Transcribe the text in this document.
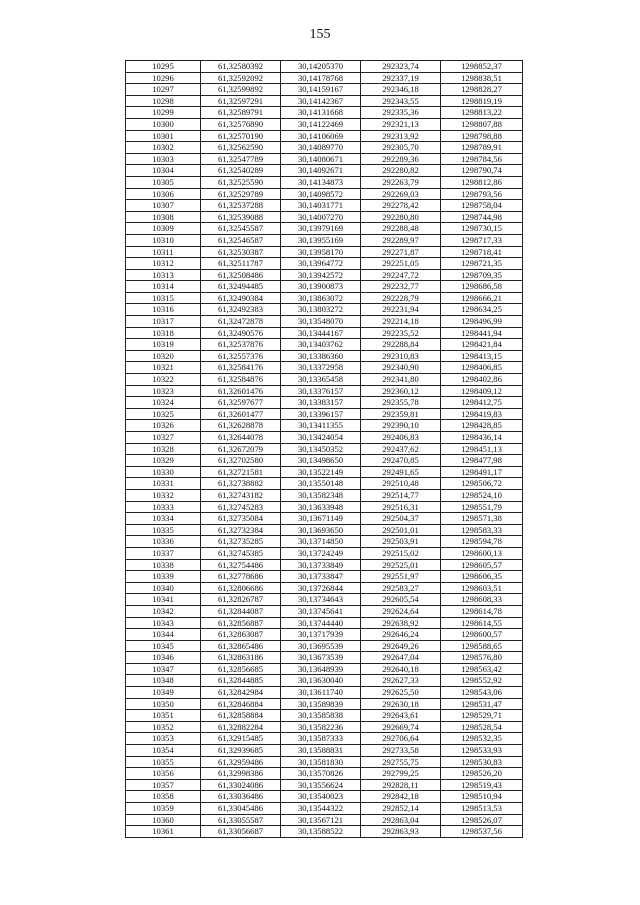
155
10295	61,32580392	30,14205370	292323,74	1298852,37
10296	61,32592092	30,14178768	292337,19	1298838,51
10297	61,32599892	30,14159167	292346,18	1298828,27
10298	61,32597291	30,14142367	292343,55	1298819,19
10299	61,32589791	30,14131668	292335,36	1298813,22
10300	61,32576890	30,14122469	292321,13	1298807,88
10301	61,32570190	30,14106069	292313,92	1298798,88
10302	61,32562590	30,14089770	292305,70	1298789,91
10303	61,32547789	30,14080671	292289,36	1298784,56
10304	61,32540289	30,14092671	292280,82	1298790,74
10305	61,32525590	30,14134873	292263,79	1298812,86
10306	61,32529789	30,14098572	292269,03	1298793,56
10307	61,32537288	30,14031771	292278,42	1298758,04
10308	61,32539088	30,14007270	292280,80	1298744,98
10309	61,32545587	30,13979169	292288,48	1298730,15
10310	61,32546587	30,13955169	292289,97	1298717,33
10311	61,32530387	30,13958170	292271,87	1298718,41
10312	61,32511787	30,13964772	292251,05	1298721,35
10313	61,32508486	30,13942572	292247,72	1298709,35
10314	61,32494485	30,13900873	292232,77	1298686,58
10315	61,32490384	30,13863072	292228,79	1298666,21
10316	61,32492383	30,13803272	292231,94	1298634,25
10317	61,32472878	30,13548070	292214,18	1298496,99
10318	61,32490576	30,13444167	292235,52	1298441,94
10319	61,32537876	30,13403762	292288,84	1298421,84
10320	61,32557376	30,13386360	292310,83	1298413,15
10321	61,32584176	30,13372958	292340,90	1298406,85
10322	61,32584876	30,13365458	292341,80	1298402,86
10323	61,32601476	30,13376157	292360,12	1298409,12
10324	61,32597677	30,13383157	292355,78	1298412,75
10325	61,32601477	30,13396157	292359,81	1298419,83
10326	61,32628878	30,13411355	292390,10	1298428,85
10327	61,32644078	30,13424054	292406,83	1298436,14
10328	61,32672079	30,13450352	292437,62	1298451,13
10329	61,32702580	30,13498650	292470,85	1298477,98
10330	61,32721581	30,13522149	292491,65	1298491,17
10331	61,32738882	30,13550148	292510,48	1298506,72
10332	61,32743182	30,13582348	292514,77	1298524,10
10333	61,32745283	30,13633948	292516,31	1298551,79
10334	61,32735084	30,13671149	292504,37	1298571,38
10335	61,32732384	30,13693650	292501,01	1298583,33
10336	61,32735285	30,13714850	292503,91	1298594,78
10337	61,32745385	30,13724249	292515,02	1298600,13
10338	61,32754486	30,13733849	292525,01	1298605,57
10339	61,32778686	30,13733847	292551,97	1298606,35
10340	61,32806686	30,13726844	292583,27	1298603,51
10341	61,32826787	30,13734643	292605,54	1298608,33
10342	61,32844087	30,13745641	292624,64	1298614,78
10343	61,32856887	30,13744440	292638,92	1298614,55
10344	61,32863087	30,13717939	292646,24	1298600,57
10345	61,32865486	30,13695539	292649,26	1298588,65
10346	61,32863186	30,13673539	292647,04	1298576,80
10347	61,32856685	30,13648939	292640,18	1298563,42
10348	61,32844885	30,13630040	292627,33	1298552,92
10349	61,32842984	30,13611740	292625,50	1298543,06
10350	61,32846884	30,13589839	292630,18	1298531,47
10351	61,32858884	30,13585838	292643,61	1298529,71
10352	61,32882284	30,13582236	292669,74	1298528,54
10353	61,32915485	30,13587333	292706,64	1298532,35
10354	61,32939685	30,13588831	292733,58	1298533,93
10355	61,32959486	30,13581830	292755,75	1298530,83
10356	61,32998386	30,13570826	292799,25	1298526,20
10357	61,33024086	30,13556624	292828,11	1298519,43
10358	61,33036486	30,13540023	292842,18	1298510,94
10359	61,33045486	30,13544322	292852,14	1298513,53
10360	61,33055587	30,13567121	292863,04	1298526,07
10361	61,33056687	30,13588522	292863,93	1298537,56
